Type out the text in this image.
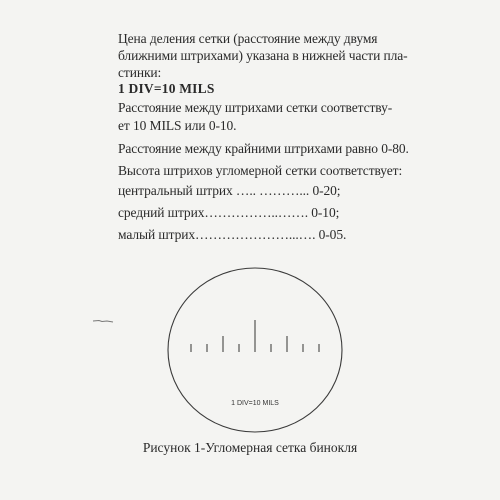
Цена деления сетки (расстояние между двумя
ближними штрихами) указана в нижней части пла-
стинки:
1 DIV=10 MILS
Расстояние между штрихами сетки соответству-
ет 10 MILS или 0-10.
Расстояние между крайними штрихами равно 0-80.
Высота штрихов угломерной сетки соответствует:
центральный штрих ….. ………... 0-20;
средний штрих……………..……. 0-10;
малый штрих…………………...…. 0-05.
1 DIV=10 MILS
Рисунок 1-Угломерная сетка бинокля
